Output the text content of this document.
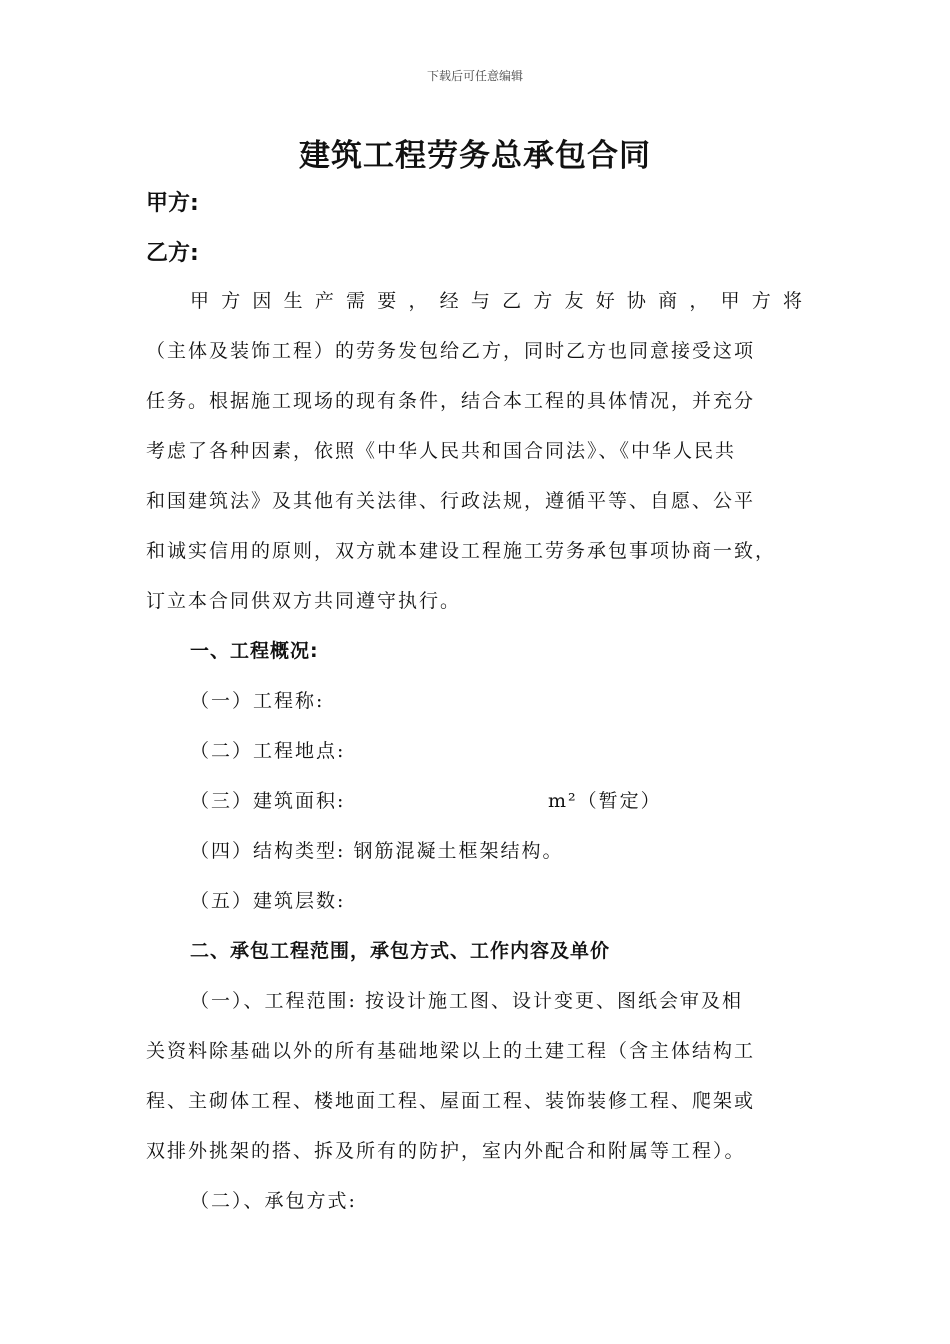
下载后可任意编辑
建筑工程劳务总承包合同
甲方:
乙方:
甲方因生产需要，经与乙方友好协商，甲方将
（主体及装饰工程）的劳务发包给乙方，同时乙方也同意接受这项
任务。根据施工现场的现有条件，结合本工程的具体情况，并充分
考虑了各种因素，依照《中华人民共和国合同法》、《中华人民共
和国建筑法》及其他有关法律、行政法规，遵循平等、自愿、公平
和诚实信用的原则，双方就本建设工程施工劳务承包事项协商一致，
订立本合同供双方共同遵守执行。
一、工程概况:
（一）工程称:
（二）工程地点:
（三）建筑面积:	m²（暂定）
（四）结构类型: 钢筋混凝土框架结构。
（五）建筑层数:
二、承包工程范围，承包方式、工作内容及单价
（一）、工程范围: 按设计施工图、设计变更、图纸会审及相
关资料除基础以外的所有基础地梁以上的土建工程（含主体结构工
程、主砌体工程、楼地面工程、屋面工程、装饰装修工程、爬架或
双排外挑架的搭、拆及所有的防护，室内外配合和附属等工程）。
（二）、承包方式:
